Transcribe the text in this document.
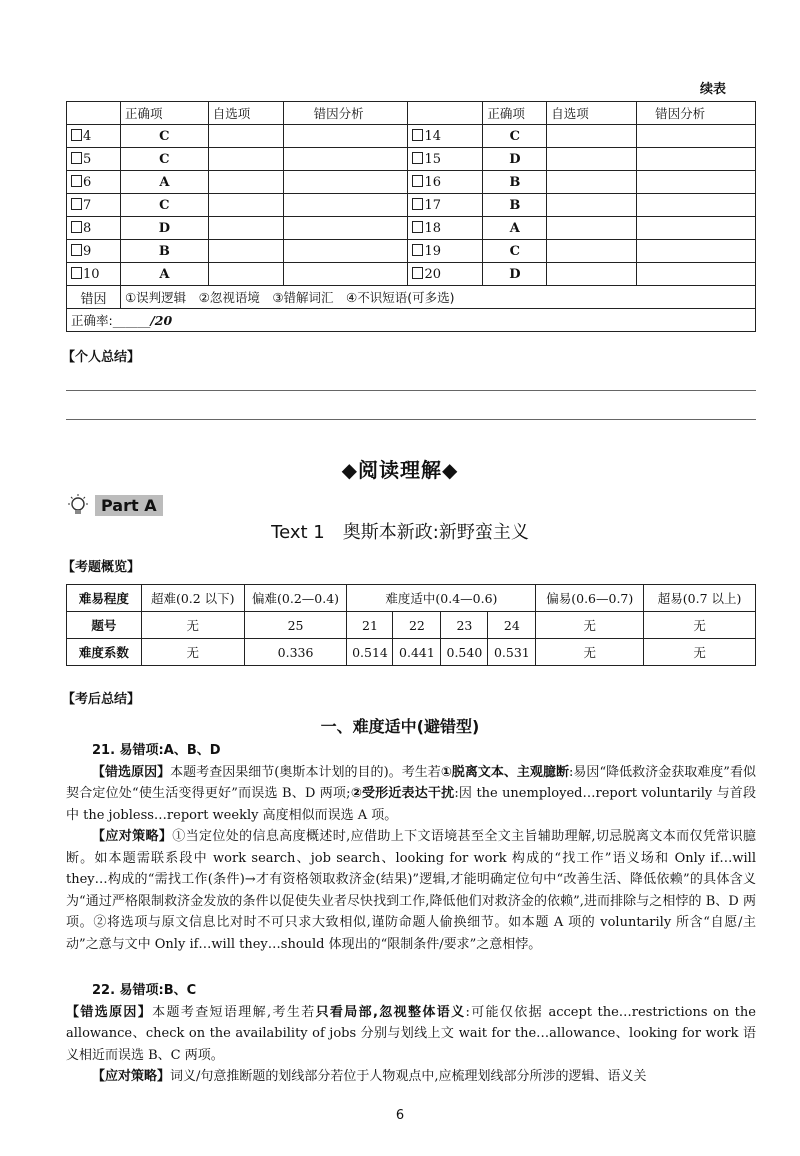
续表
	正确项	自选项	错因分析		正确项	自选项	错因分析
4	C			14	C		
5	C			15	D		
6	A			16	B		
7	C			17	B		
8	D			18	A		
9	B			19	C		
10	A			20	D		
错因	①误判逻辑　②忽视语境　③错解词汇　④不识短语(可多选)						
正确率:______/20							
【个人总结】
◆阅读理解◆
Part A
Text 1　奥斯本新政:新野蛮主义
【考题概览】
难易程度	超难(0.2 以下)	偏难(0.2—0.4)	难度适中(0.4—0.6)				偏易(0.6—0.7)	超易(0.7 以上)
题号	无	25	21	22	23	24	无	无
难度系数	无	0.336	0.514	0.441	0.540	0.531	无	无
【考后总结】
一、难度适中(避错型)

21. 易错项:A、B、D

【错选原因】本题考查因果细节(奥斯本计划的目的)。考生若①脱离文本、主观臆断:易因“降低救济金获取难度”看似契合定位处“使生活变得更好”而误选 B、D 两项;②受形近表达干扰:因 the unemployed…report voluntarily 与首段中 the jobless…report weekly 高度相似而误选 A 项。

【应对策略】①当定位处的信息高度概述时,应借助上下文语境甚至全文主旨辅助理解,切忌脱离文本而仅凭常识臆断。如本题需联系段中 work search、job search、looking for work 构成的“找工作”语义场和 Only if…will they…构成的“需找工作(条件)→才有资格领取救济金(结果)”逻辑,才能明确定位句中“改善生活、降低依赖”的具体含义为“通过严格限制救济金发放的条件以促使失业者尽快找到工作,降低他们对救济金的依赖”,进而排除与之相悖的 B、D 两项。②将选项与原文信息比对时不可只求大致相似,谨防命题人偷换细节。如本题 A 项的 voluntarily 所含“自愿/主动”之意与文中 Only if…will they…should 体现出的“限制条件/要求”之意相悖。

22. 易错项:B、C

【错选原因】本题考查短语理解,考生若只看局部,忽视整体语义:可能仅依据 accept the…restrictions on the allowance、check on the availability of jobs 分别与划线上文 wait for the…allowance、looking for work 语义相近而误选 B、C 两项。

【应对策略】词义/句意推断题的划线部分若位于人物观点中,应梳理划线部分所涉的逻辑、语义关

6
